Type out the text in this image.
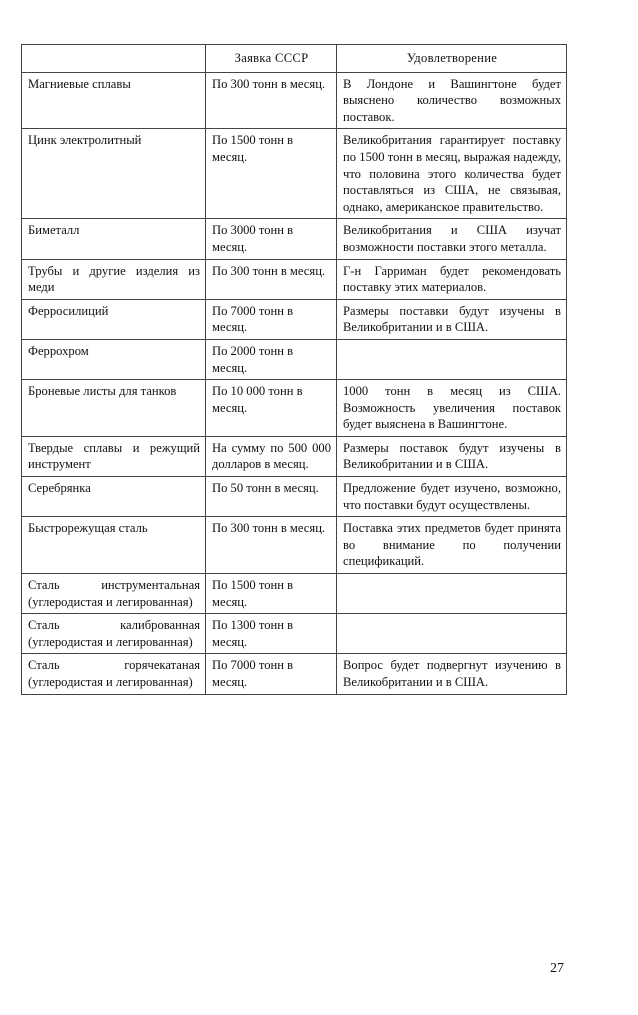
	Заявка СССР	Удовлетворение
Магниевые сплавы	По 300 тонн в месяц.	В Лондоне и Вашингтоне будет выяснено количество возможных поставок.
Цинк электролитный	По 1500 тонн в месяц.	Великобритания гарантирует поставку по 1500 тонн в месяц, выражая надежду, что половина этого количества будет поставляться из США, не связывая, однако, американское правительство.
Биметалл	По 3000 тонн в месяц.	Великобритания и США изучат возможности поставки этого металла.
Трубы и другие изделия из меди	По 300 тонн в месяц.	Г-н Гарриман будет рекомендовать поставку этих материалов.
Ферросилиций	По 7000 тонн в месяц.	Размеры поставки будут изучены в Великобритании и в США.
Феррохром	По 2000 тонн в месяц.	
Броневые листы для танков	По 10 000 тонн в месяц.	1000 тонн в месяц из США. Возможность увеличения поставок будет выяснена в Вашингтоне.
Твердые сплавы и режущий инструмент	На сумму по 500 000 долларов в месяц.	Размеры поставок будут изучены в Великобритании и в США.
Серебрянка	По 50 тонн в месяц.	Предложение будет изучено, возможно, что поставки будут осуществлены.
Быстрорежущая сталь	По 300 тонн в месяц.	Поставка этих предметов будет принята во внимание по получении спецификаций.
Сталь инструментальная (углеродистая и легированная)	По 1500 тонн в месяц.	
Сталь калиброванная (углеродистая и легированная)	По 1300 тонн в месяц.	
Сталь горячекатаная (углеродистая и легированная)	По 7000 тонн в месяц.	Вопрос будет подвергнут изучению в Великобритании и в США.
27
